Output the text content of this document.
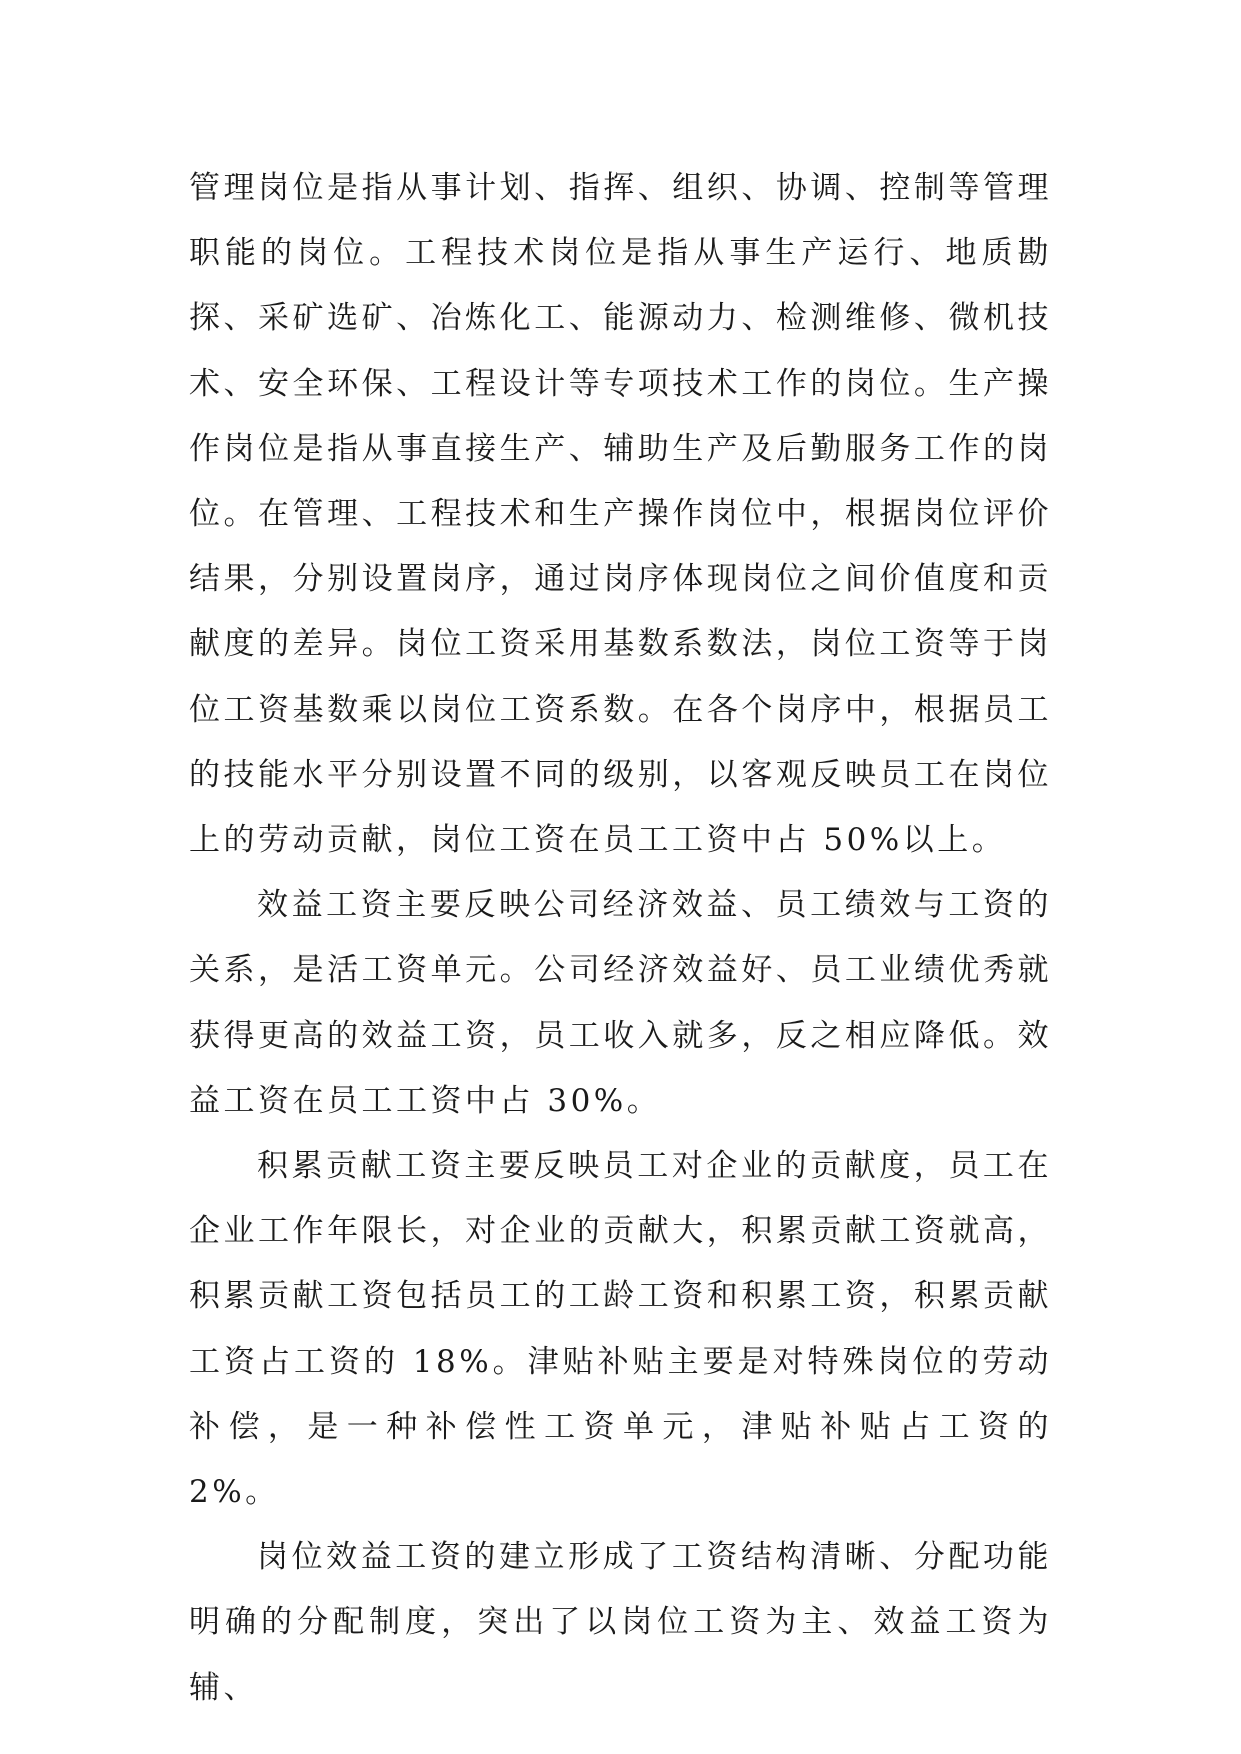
管理岗位是指从事计划、指挥、组织、协调、控制等管理职能的岗位。工程技术岗位是指从事生产运行、地质勘探、采矿选矿、冶炼化工、能源动力、检测维修、微机技术、安全环保、工程设计等专项技术工作的岗位。生产操作岗位是指从事直接生产、辅助生产及后勤服务工作的岗位。在管理、工程技术和生产操作岗位中，根据岗位评价结果，分别设置岗序，通过岗序体现岗位之间价值度和贡献度的差异。岗位工资采用基数系数法，岗位工资等于岗位工资基数乘以岗位工资系数。在各个岗序中，根据员工的技能水平分别设置不同的级别，以客观反映员工在岗位上的劳动贡献，岗位工资在员工工资中占 50%以上。

效益工资主要反映公司经济效益、员工绩效与工资的关系，是活工资单元。公司经济效益好、员工业绩优秀就获得更高的效益工资，员工收入就多，反之相应降低。效益工资在员工工资中占 30%。

积累贡献工资主要反映员工对企业的贡献度，员工在企业工作年限长，对企业的贡献大，积累贡献工资就高，积累贡献工资包括员工的工龄工资和积累工资，积累贡献工资占工资的 18%。津贴补贴主要是对特殊岗位的劳动补偿，是一种补偿性工资单元，津贴补贴占工资的 2%。

岗位效益工资的建立形成了工资结构清晰、分配功能明确的分配制度，突出了以岗位工资为主、效益工资为辅、
